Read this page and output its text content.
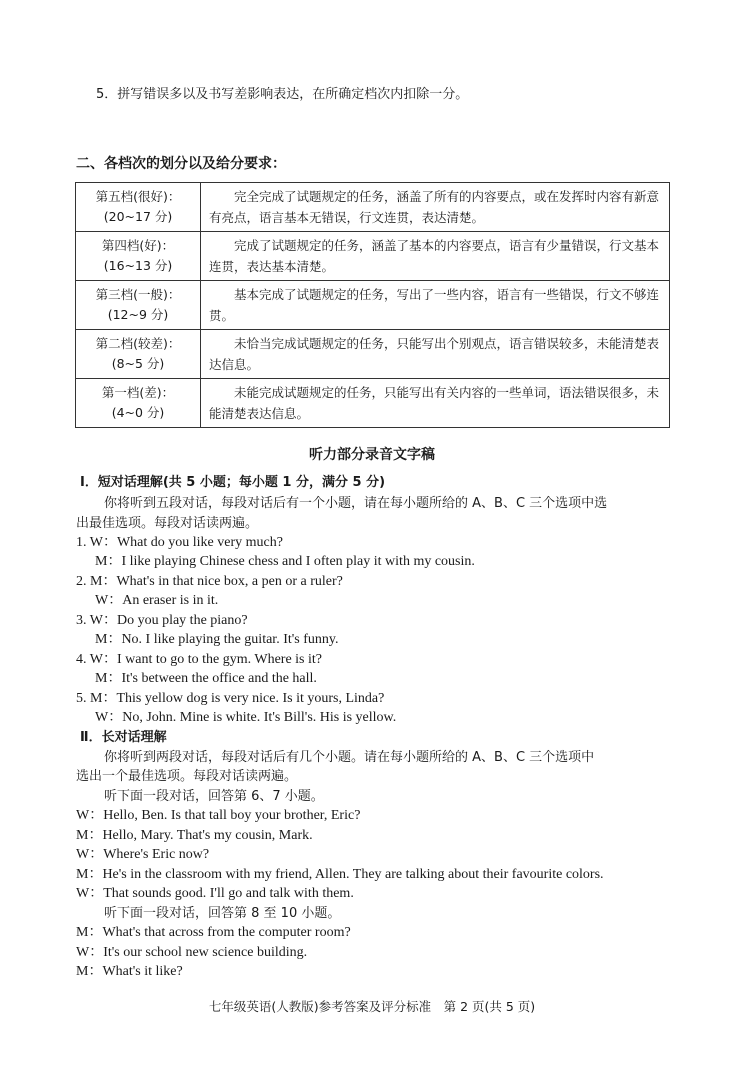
5．拼写错误多以及书写差影响表达，在所确定档次内扣除一分。
二、各档次的划分以及给分要求：
第五档(很好)：
(20~17 分)	完全完成了试题规定的任务，涵盖了所有的内容要点，或在发挥时内容有新意有亮点，语言基本无错误，行文连贯，表达清楚。

第四档(好)：
(16~13 分)	完成了试题规定的任务，涵盖了基本的内容要点，语言有少量错误，行文基本连贯，表达基本清楚。

第三档(一般)：
(12~9 分)	基本完成了试题规定的任务，写出了一些内容，语言有一些错误，行文不够连贯。

第二档(较差)：
(8~5 分)	未恰当完成试题规定的任务，只能写出个别观点，语言错误较多，未能清楚表达信息。

第一档(差)：
(4~0 分)	未能完成试题规定的任务，只能写出有关内容的一些单词，语法错误很多，未能清楚表达信息。
听力部分录音文字稿
Ⅰ．短对话理解(共 5 小题；每小题 1 分，满分 5 分)
你将听到五段对话，每段对话后有一个小题，请在每小题所给的 A、B、C 三个选项中选
出最佳选项。每段对话读两遍。
1. W：What do you like very much?
M：I like playing Chinese chess and I often play it with my cousin.
2. M：What's in that nice box, a pen or a ruler?
W：An eraser is in it.
3. W：Do you play the piano?
M：No. I like playing the guitar. It's funny.
4. W：I want to go to the gym. Where is it?
M：It's between the office and the hall.
5. M：This yellow dog is very nice. Is it yours, Linda?
W：No, John. Mine is white. It's Bill's. His is yellow.
Ⅱ．长对话理解
你将听到两段对话，每段对话后有几个小题。请在每小题所给的 A、B、C 三个选项中
选出一个最佳选项。每段对话读两遍。
听下面一段对话，回答第 6、7 小题。
W：Hello, Ben. Is that tall boy your brother, Eric?
M：Hello, Mary. That's my cousin, Mark.
W：Where's Eric now?
M：He's in the classroom with my friend, Allen. They are talking about their favourite colors.
W：That sounds good. I'll go and talk with them.
听下面一段对话，回答第 8 至 10 小题。
M：What's that across from the computer room?
W：It's our school new science building.
M：What's it like?
七年级英语(人教版)参考答案及评分标准　第 2 页(共 5 页)
